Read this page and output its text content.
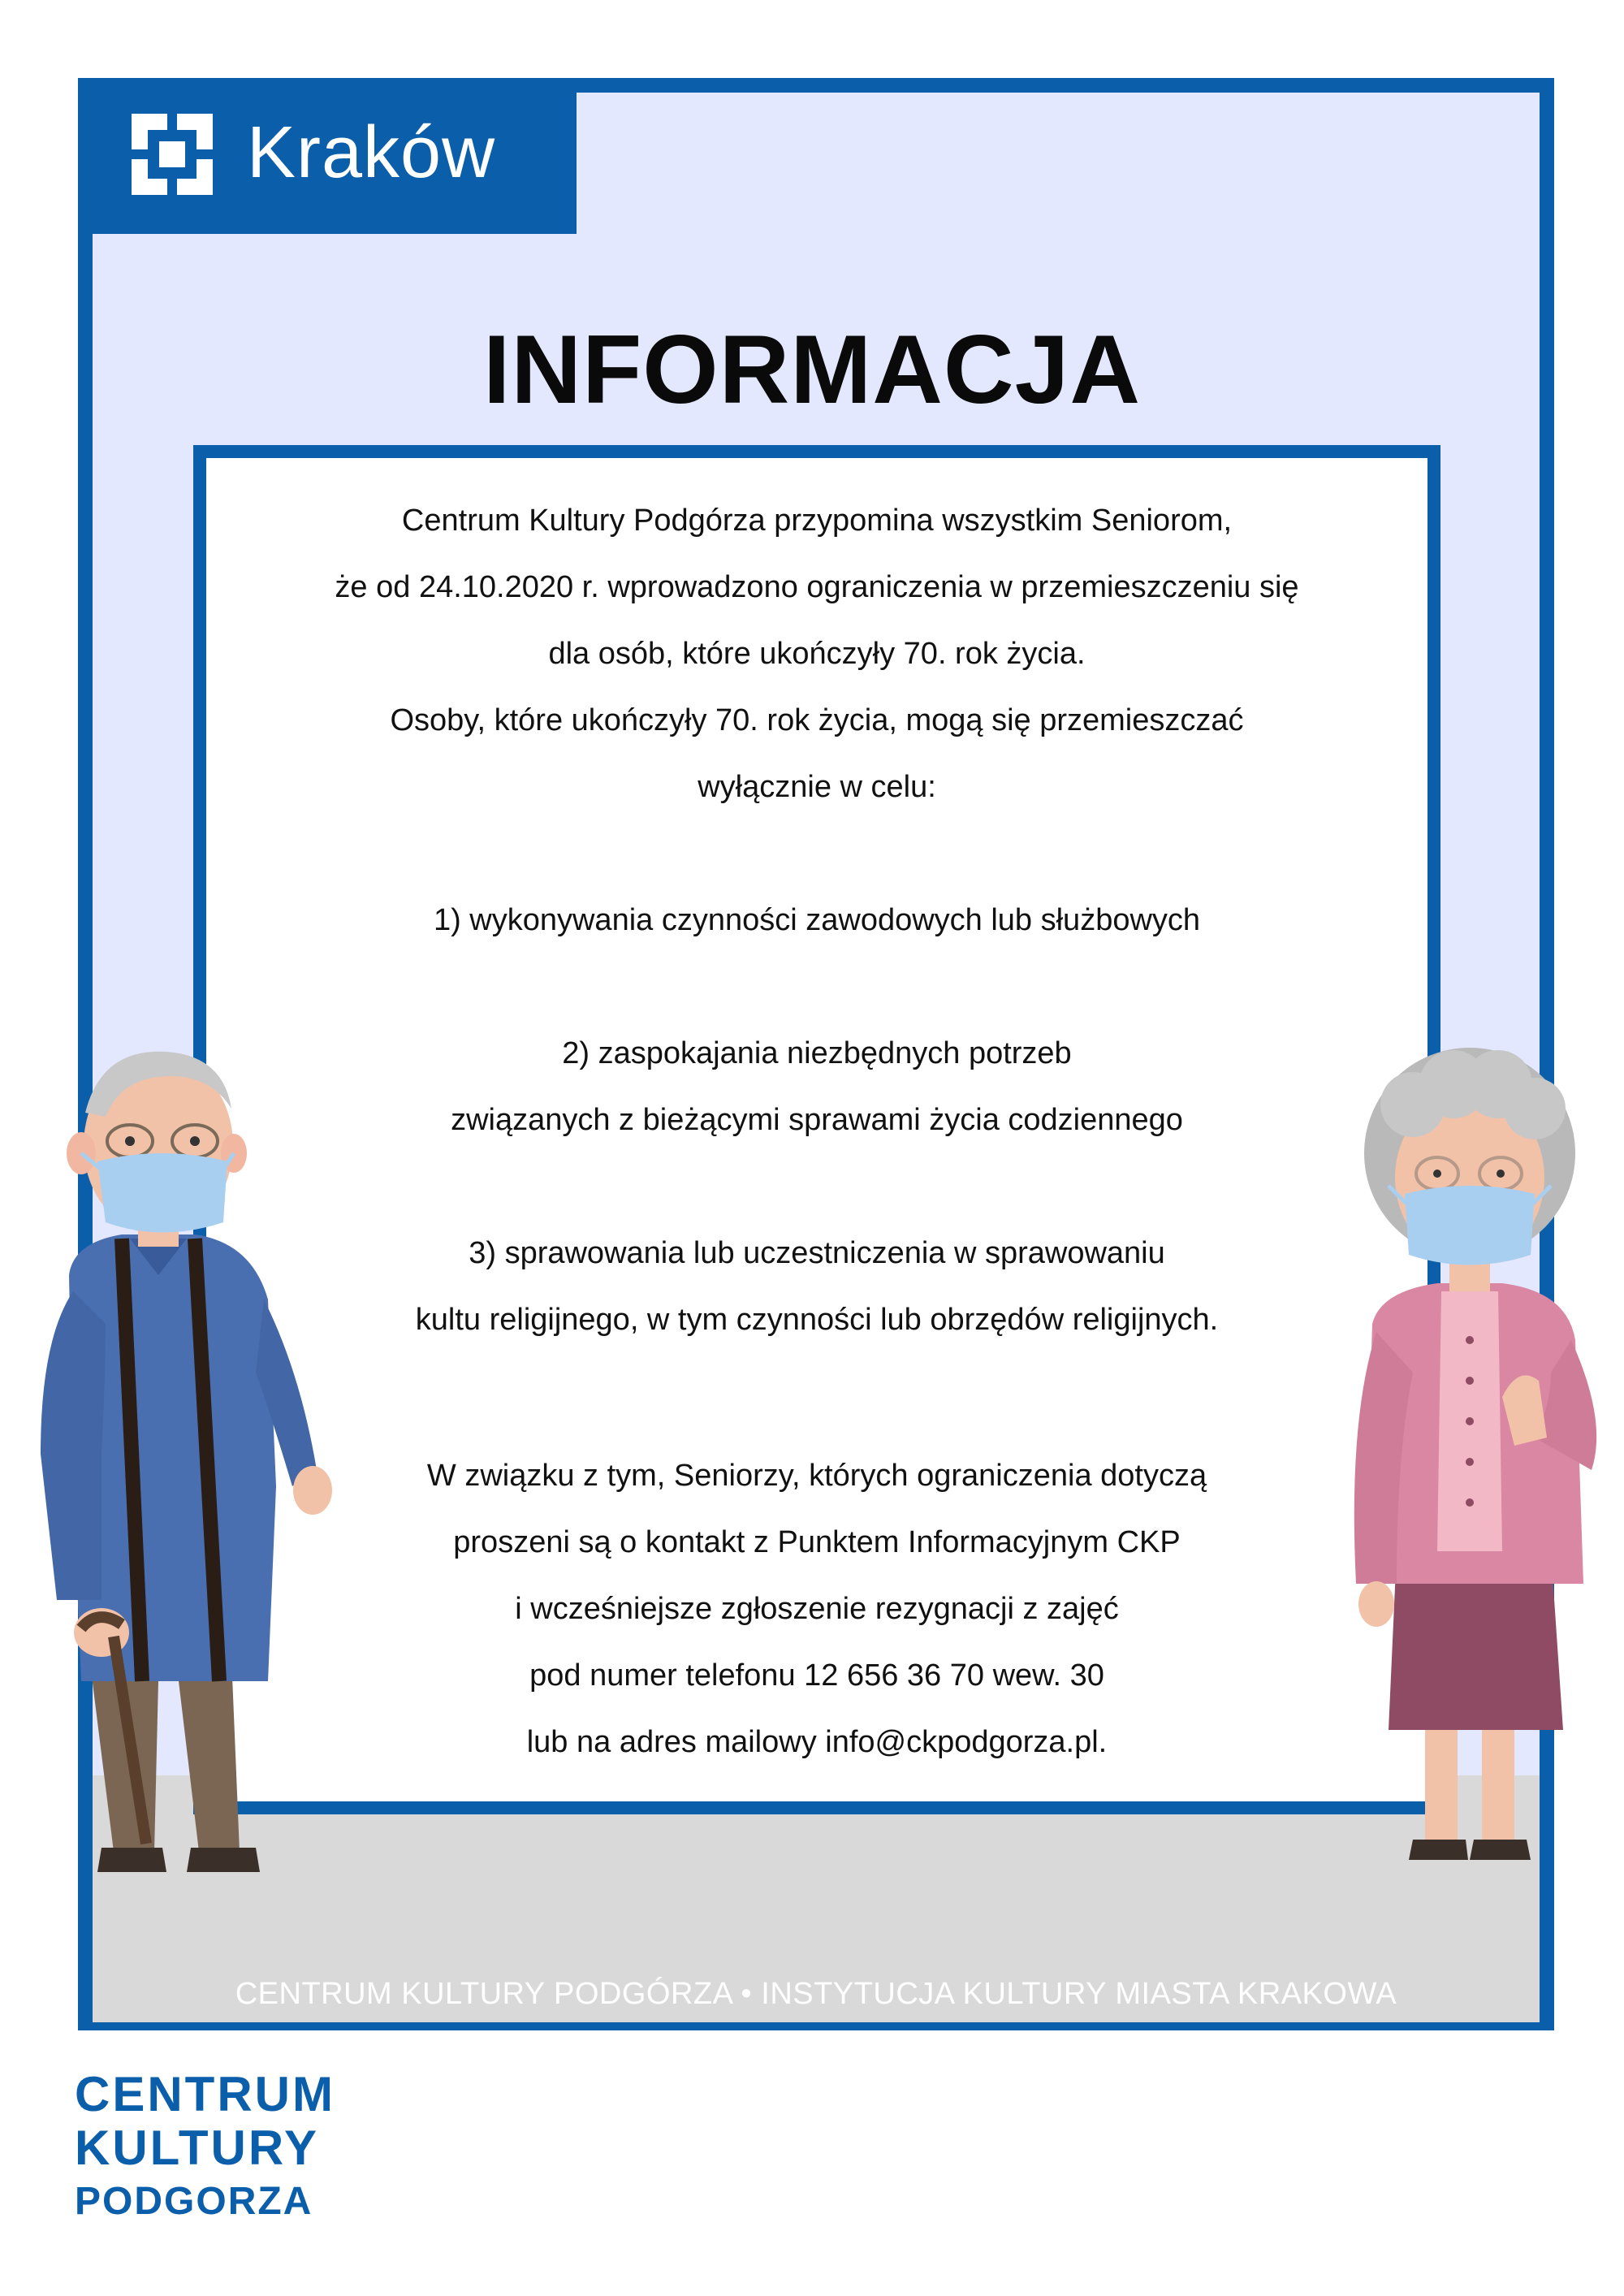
Kraków
INFORMACJA
Centrum Kultury Podgórza przypomina wszystkim Seniorom,
że od 24.10.2020 r. wprowadzono ograniczenia w przemieszczeniu się
dla osób, które ukończyły 70. rok życia.
Osoby, które ukończyły 70. rok życia, mogą się przemieszczać
wyłącznie w celu:
1) wykonywania czynności zawodowych lub służbowych
2) zaspokajania niezbędnych potrzeb
związanych z bieżącymi sprawami życia codziennego
3) sprawowania lub uczestniczenia w sprawowaniu
kultu religijnego, w tym czynności lub obrzędów religijnych.
W związku z tym, Seniorzy, których ograniczenia dotyczą
proszeni są o kontakt z Punktem Informacyjnym CKP
i wcześniejsze zgłoszenie rezygnacji z zajęć
pod numer telefonu 12 656 36 70 wew. 30
lub na adres mailowy info@ckpodgorza.pl.
CENTRUM KULTURY PODGÓRZA • INSTYTUCJA KULTURY MIASTA KRAKOWA
CENTRUM
KULTURY
PODGORZA
